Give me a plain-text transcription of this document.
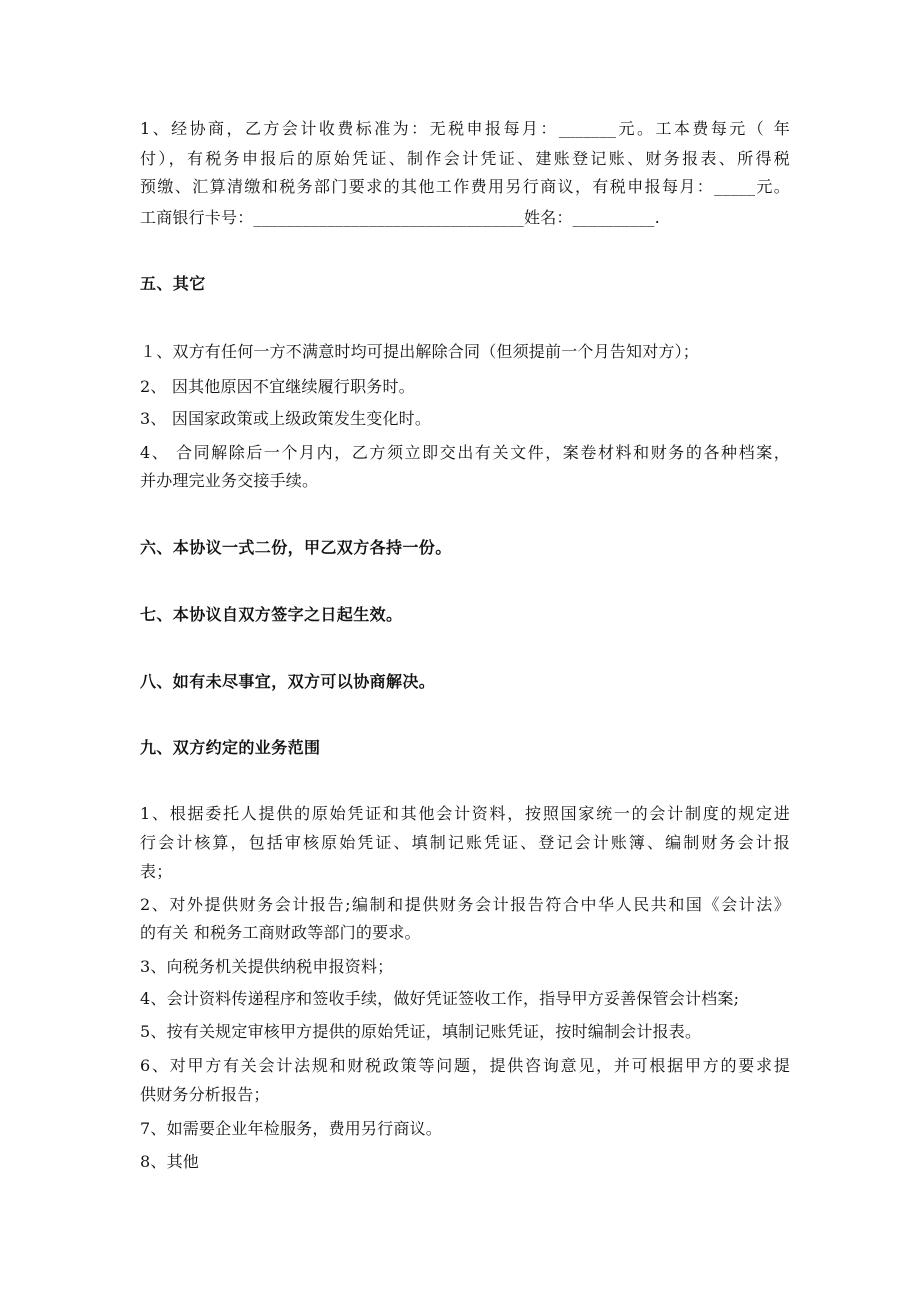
1、经协商，乙方会计收费标准为：无税申报每月：_______元。工本费每元（ 年
付），有税务申报后的原始凭证、制作会计凭证、建账登记账、财务报表、所得税
预缴、汇算清缴和税务部门要求的其他工作费用另行商议，有税申报每月：_____元。
工商银行卡号：_________________________________姓名：__________.
五、其它
１、双方有任何一方不满意时均可提出解除合同（但须提前一个月告知对方）；
2、 因其他原因不宜继续履行职务时。
3、 因国家政策或上级政策发生变化时。
4、 合同解除后一个月内，乙方须立即交出有关文件，案卷材料和财务的各种档案，
并办理完业务交接手续。
六、本协议一式二份，甲乙双方各持一份。
七、本协议自双方签字之日起生效。
八、如有未尽事宜，双方可以协商解决。
九、双方约定的业务范围
1、根据委托人提供的原始凭证和其他会计资料，按照国家统一的会计制度的规定进
行会计核算，包括审核原始凭证、填制记账凭证、登记会计账簿、编制财务会计报
表；
2、对外提供财务会计报告;编制和提供财务会计报告符合中华人民共和国《会计法》
的有关 和税务工商财政等部门的要求。
3、向税务机关提供纳税申报资料；
4、会计资料传递程序和签收手续，做好凭证签收工作，指导甲方妥善保管会计档案;
5、按有关规定审核甲方提供的原始凭证，填制记账凭证，按时编制会计报表。
6、对甲方有关会计法规和财税政策等问题，提供咨询意见，并可根据甲方的要求提
供财务分析报告；
7、如需要企业年检服务，费用另行商议。
8、其他
